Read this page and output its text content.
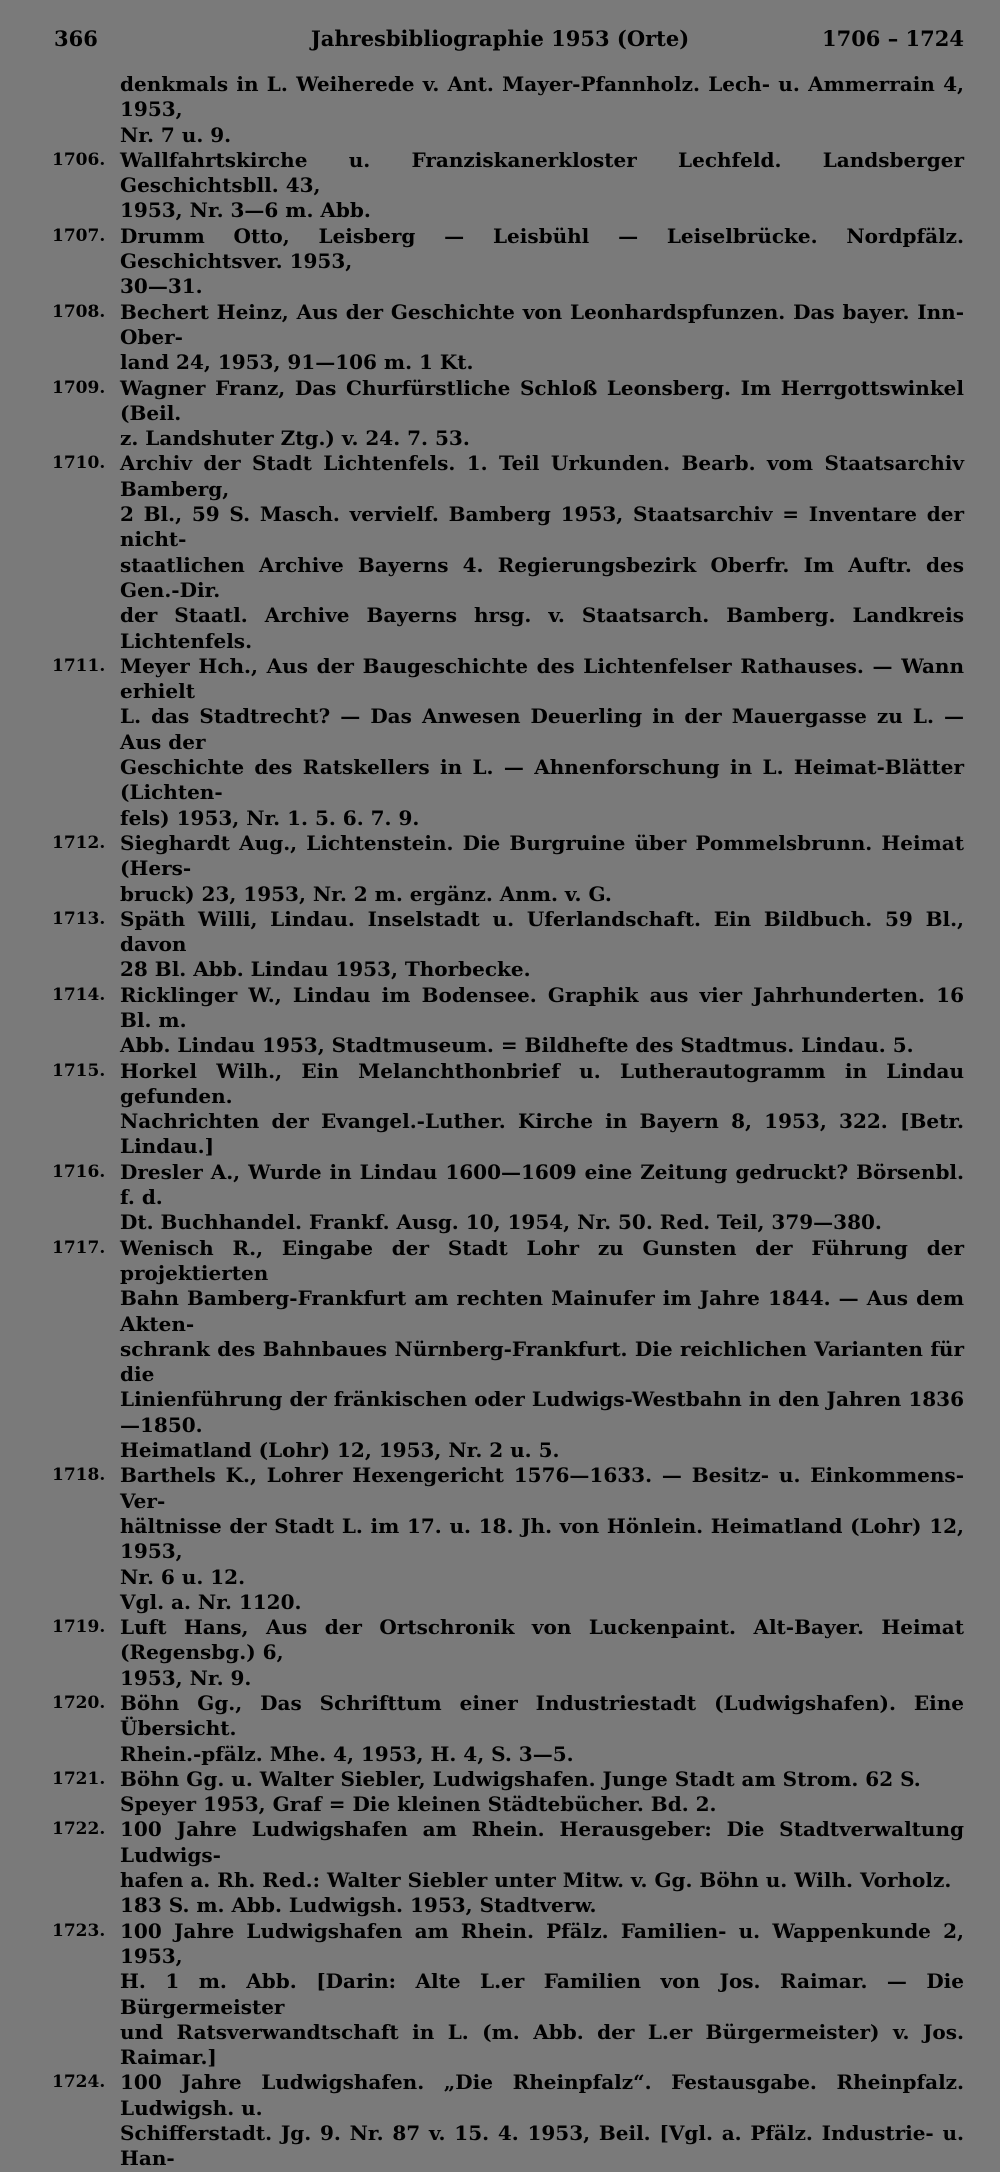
366	Jahresbibliographie 1953 (Orte)	1706 – 1724
denkmals in L. Weiherede v. Ant. Mayer-Pfannholz. Lech- u. Ammerrain 4, 1953,
Nr. 7 u. 9.
1706. Wallfahrtskirche u. Franziskanerkloster Lechfeld. Landsberger Geschichtsbll. 43,
1953, Nr. 3—6 m. Abb.
1707. Drumm Otto, Leisberg — Leisbühl — Leiselbrücke. Nordpfälz. Geschichtsver. 1953,
30—31.
1708. Bechert Heinz, Aus der Geschichte von Leonhardspfunzen. Das bayer. Inn-Ober-
land 24, 1953, 91—106 m. 1 Kt.
1709. Wagner Franz, Das Churfürstliche Schloß Leonsberg. Im Herrgottswinkel (Beil.
z. Landshuter Ztg.) v. 24. 7. 53.
1710. Archiv der Stadt Lichtenfels. 1. Teil Urkunden. Bearb. vom Staatsarchiv Bamberg,
2 Bl., 59 S. Masch. vervielf. Bamberg 1953, Staatsarchiv = Inventare der nicht-
staatlichen Archive Bayerns 4. Regierungsbezirk Oberfr. Im Auftr. des Gen.-Dir.
der Staatl. Archive Bayerns hrsg. v. Staatsarch. Bamberg. Landkreis Lichtenfels.
1711. Meyer Hch., Aus der Baugeschichte des Lichtenfelser Rathauses. — Wann erhielt
L. das Stadtrecht? — Das Anwesen Deuerling in der Mauergasse zu L. — Aus der
Geschichte des Ratskellers in L. — Ahnenforschung in L. Heimat-Blätter (Lichten-
fels) 1953, Nr. 1. 5. 6. 7. 9.
1712. Sieghardt Aug., Lichtenstein. Die Burgruine über Pommelsbrunn. Heimat (Hers-
bruck) 23, 1953, Nr. 2 m. ergänz. Anm. v. G.
1713. Späth Willi, Lindau. Inselstadt u. Uferlandschaft. Ein Bildbuch. 59 Bl., davon
28 Bl. Abb. Lindau 1953, Thorbecke.
1714. Ricklinger W., Lindau im Bodensee. Graphik aus vier Jahrhunderten. 16 Bl. m.
Abb. Lindau 1953, Stadtmuseum. = Bildhefte des Stadtmus. Lindau. 5.
1715. Horkel Wilh., Ein Melanchthonbrief u. Lutherautogramm in Lindau gefunden.
Nachrichten der Evangel.-Luther. Kirche in Bayern 8, 1953, 322. [Betr. Lindau.]
1716. Dresler A., Wurde in Lindau 1600—1609 eine Zeitung gedruckt? Börsenbl. f. d.
Dt. Buchhandel. Frankf. Ausg. 10, 1954, Nr. 50. Red. Teil, 379—380.
1717. Wenisch R., Eingabe der Stadt Lohr zu Gunsten der Führung der projektierten
Bahn Bamberg-Frankfurt am rechten Mainufer im Jahre 1844. — Aus dem Akten-
schrank des Bahnbaues Nürnberg-Frankfurt. Die reichlichen Varianten für die
Linienführung der fränkischen oder Ludwigs-Westbahn in den Jahren 1836—1850.
Heimatland (Lohr) 12, 1953, Nr. 2 u. 5.
1718. Barthels K., Lohrer Hexengericht 1576—1633. — Besitz- u. Einkommens-Ver-
hältnisse der Stadt L. im 17. u. 18. Jh. von Hönlein. Heimatland (Lohr) 12, 1953,
Nr. 6 u. 12.
Vgl. a. Nr. 1120.
1719. Luft Hans, Aus der Ortschronik von Luckenpaint. Alt-Bayer. Heimat (Regensbg.) 6,
1953, Nr. 9.
1720. Böhn Gg., Das Schrifttum einer Industriestadt (Ludwigshafen). Eine Übersicht.
Rhein.-pfälz. Mhe. 4, 1953, H. 4, S. 3—5.
1721. Böhn Gg. u. Walter Siebler, Ludwigshafen. Junge Stadt am Strom. 62 S.
Speyer 1953, Graf = Die kleinen Städtebücher. Bd. 2.
1722. 100 Jahre Ludwigshafen am Rhein. Herausgeber: Die Stadtverwaltung Ludwigs-
hafen a. Rh. Red.: Walter Siebler unter Mitw. v. Gg. Böhn u. Wilh. Vorholz.
183 S. m. Abb. Ludwigsh. 1953, Stadtverw.
1723. 100 Jahre Ludwigshafen am Rhein. Pfälz. Familien- u. Wappenkunde 2, 1953,
H. 1 m. Abb. [Darin: Alte L.er Familien von Jos. Raimar. — Die Bürgermeister
und Ratsverwandtschaft in L. (m. Abb. der L.er Bürgermeister) v. Jos. Raimar.]
1724. 100 Jahre Ludwigshafen. „Die Rheinpfalz“. Festausgabe. Rheinpfalz. Ludwigsh. u.
Schifferstadt. Jg. 9. Nr. 87 v. 15. 4. 1953, Beil. [Vgl. a. Pfälz. Industrie- u. Han-
